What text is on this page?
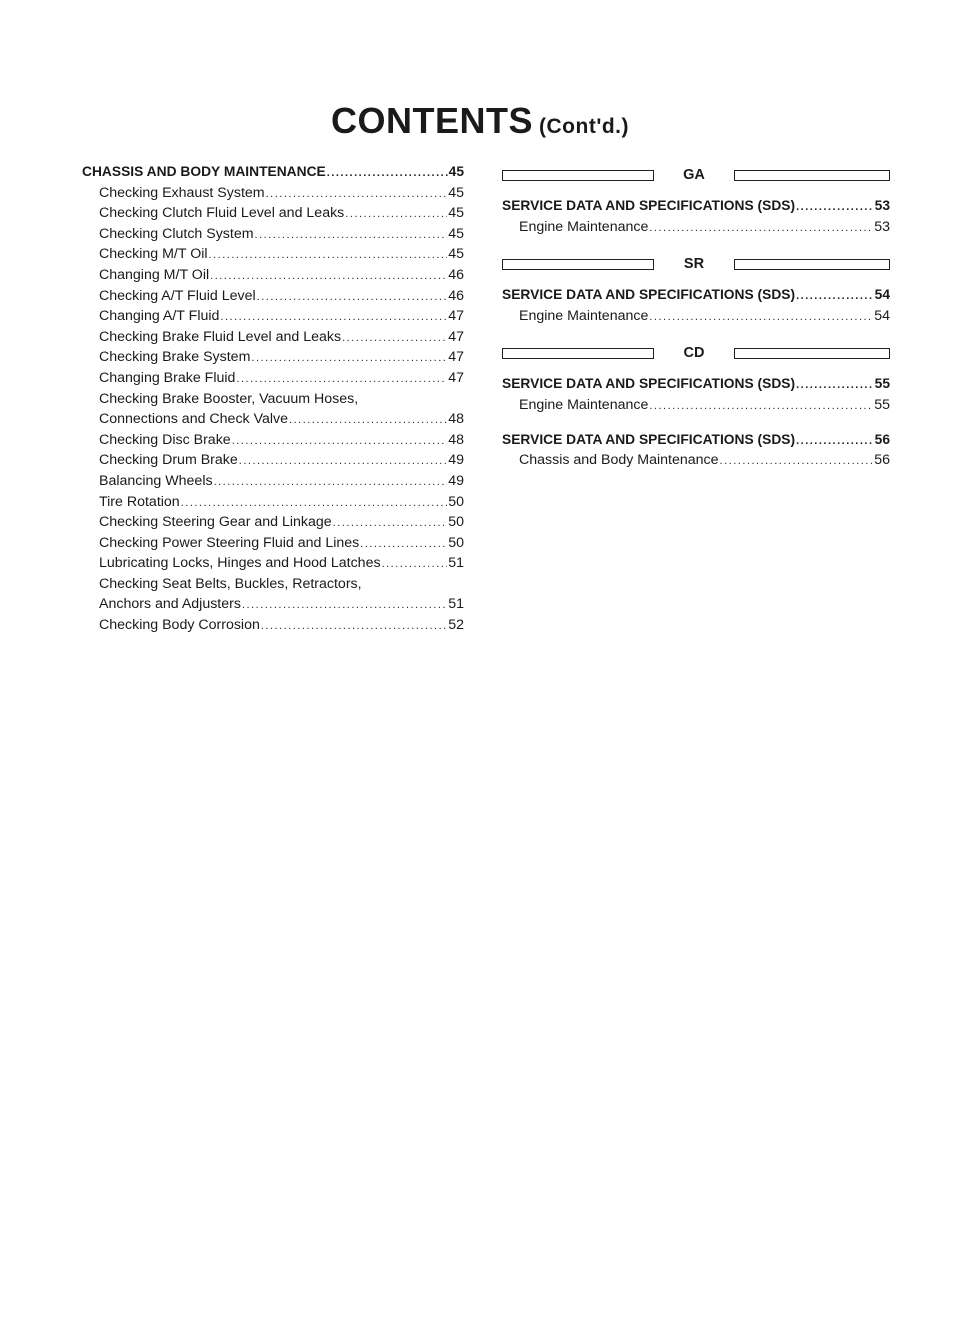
CONTENTS (Cont'd.)
CHASSIS AND BODY MAINTENANCE .....	45
Checking Exhaust System .....	45
Checking Clutch Fluid Level and Leaks .....	45
Checking Clutch System .....	45
Checking M/T Oil .....	45
Changing M/T Oil .....	46
Checking A/T Fluid Level .....	46
Changing A/T Fluid .....	47
Checking Brake Fluid Level and Leaks .....	47
Checking Brake System .....	47
Changing Brake Fluid .....	47
Checking Brake Booster, Vacuum Hoses,
Connections and Check Valve .....	48
Checking Disc Brake .....	48
Checking Drum Brake .....	49
Balancing Wheels .....	49
Tire Rotation .....	50
Checking Steering Gear and Linkage .....	50
Checking Power Steering Fluid and Lines .....	50
Lubricating Locks, Hinges and Hood Latches .....	51
Checking Seat Belts, Buckles, Retractors,
Anchors and Adjusters .....	51
Checking Body Corrosion .....	52
GA
SERVICE DATA AND SPECIFICATIONS (SDS) .....	53
Engine Maintenance .....	53
SR
SERVICE DATA AND SPECIFICATIONS (SDS) .....	54
Engine Maintenance .....	54
CD
SERVICE DATA AND SPECIFICATIONS (SDS) .....	55
Engine Maintenance .....	55
SERVICE DATA AND SPECIFICATIONS (SDS) .....	56
Chassis and Body Maintenance .....	56
